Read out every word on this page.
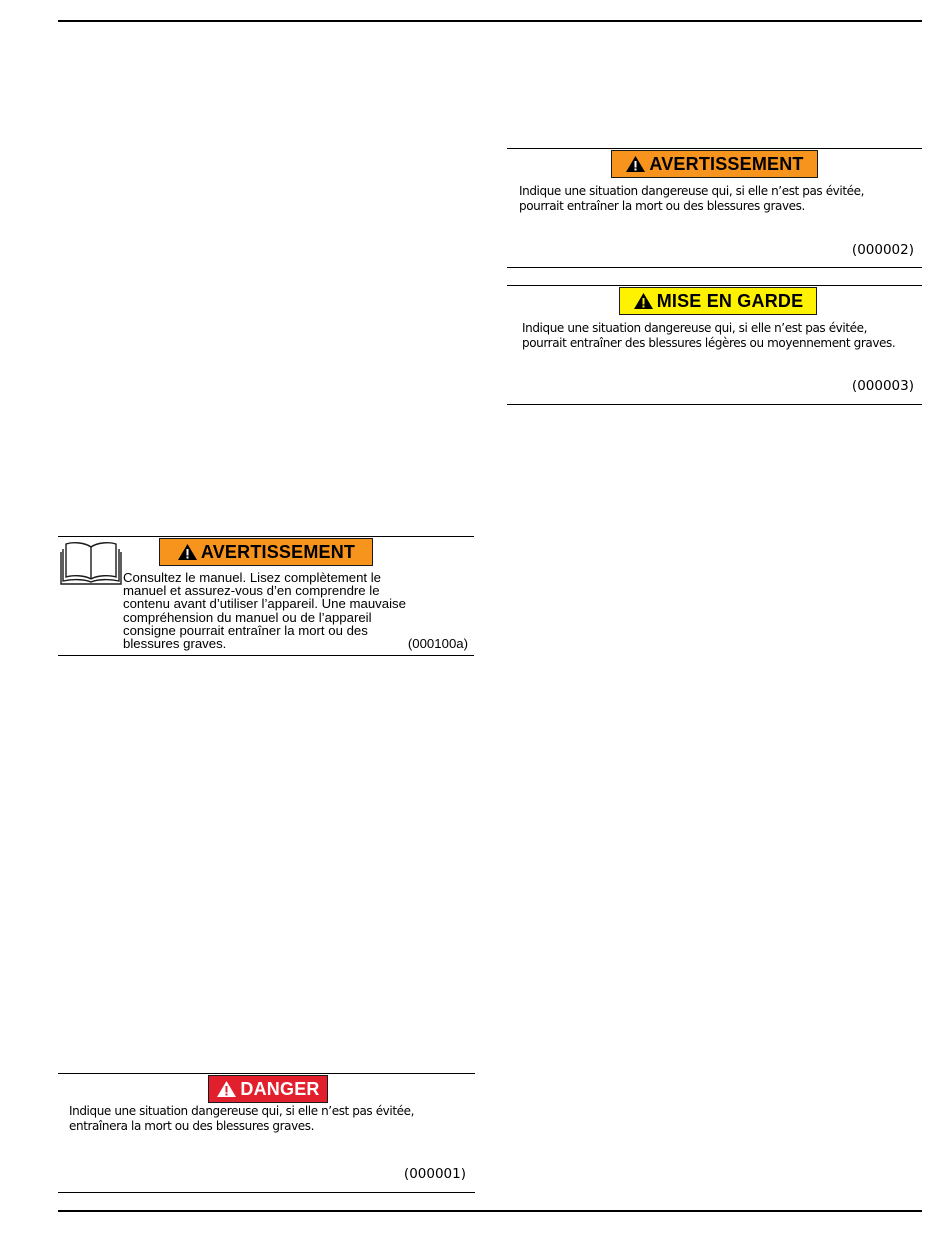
AVERTISSEMENT
Indique une situation dangereuse qui, si elle n’est pas évitée,
pourrait entraîner la mort ou des blessures graves.
(000002)
MISE EN GARDE
Indique une situation dangereuse qui, si elle n’est pas évitée,
pourrait entraîner des blessures légères ou moyennement graves.
(000003)
AVERTISSEMENT
Consultez le manuel. Lisez complètement le
manuel et assurez-vous d’en comprendre le
contenu avant d’utiliser l’appareil. Une mauvaise
compréhension du manuel ou de l’appareil
consigne pourrait entraîner la mort ou des
blessures graves.	(000100a)
DANGER
Indique une situation dangereuse qui, si elle n’est pas évitée,
entraînera la mort ou des blessures graves.
(000001)
